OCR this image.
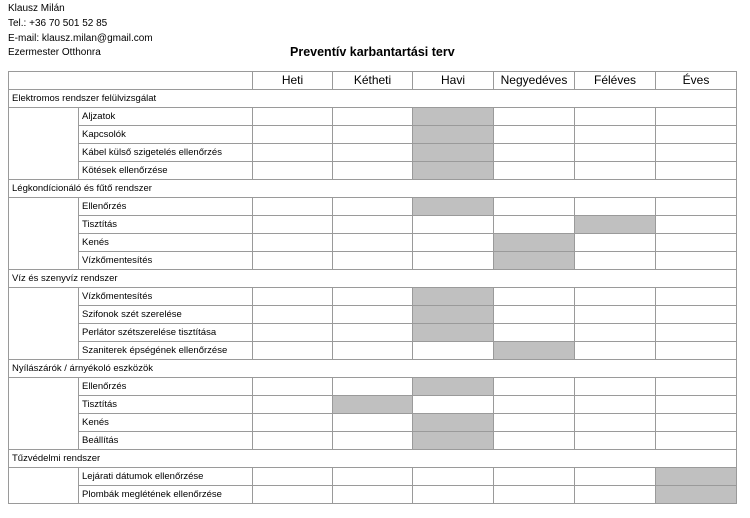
Klausz Milán
Tel.: +36 70 501 52 85
E-mail: klausz.milan@gmail.com
Ezermester Otthonra	Preventív karbantartási terv
		Heti	Kétheti	Havi	Negyedéves	Féléves	Éves
Elektromos rendszer felülvizsgálat							
	Aljzatok						
	Kapcsolók						
	Kábel külső szigetelés ellenőrzés						
	Kötések ellenőrzése						
Légkondícionáló és fűtő rendszer							
	Ellenőrzés						
	Tisztítás						
	Kenés						
	Vízkőmentesítés						
Víz és szenyvíz rendszer							
	Vízkőmentesítés						
	Szifonok szét szerelése						
	Perlátor szétszerelése tisztítása						
	Szaniterek épségének ellenőrzése						
Nyílászárók / árnyékoló eszközök							
	Ellenőrzés						
	Tisztítás						
	Kenés						
	Beállítás						
Tűzvédelmi rendszer							
	Lejárati dátumok ellenőrzése						
	Plombák meglétének ellenőrzése						
